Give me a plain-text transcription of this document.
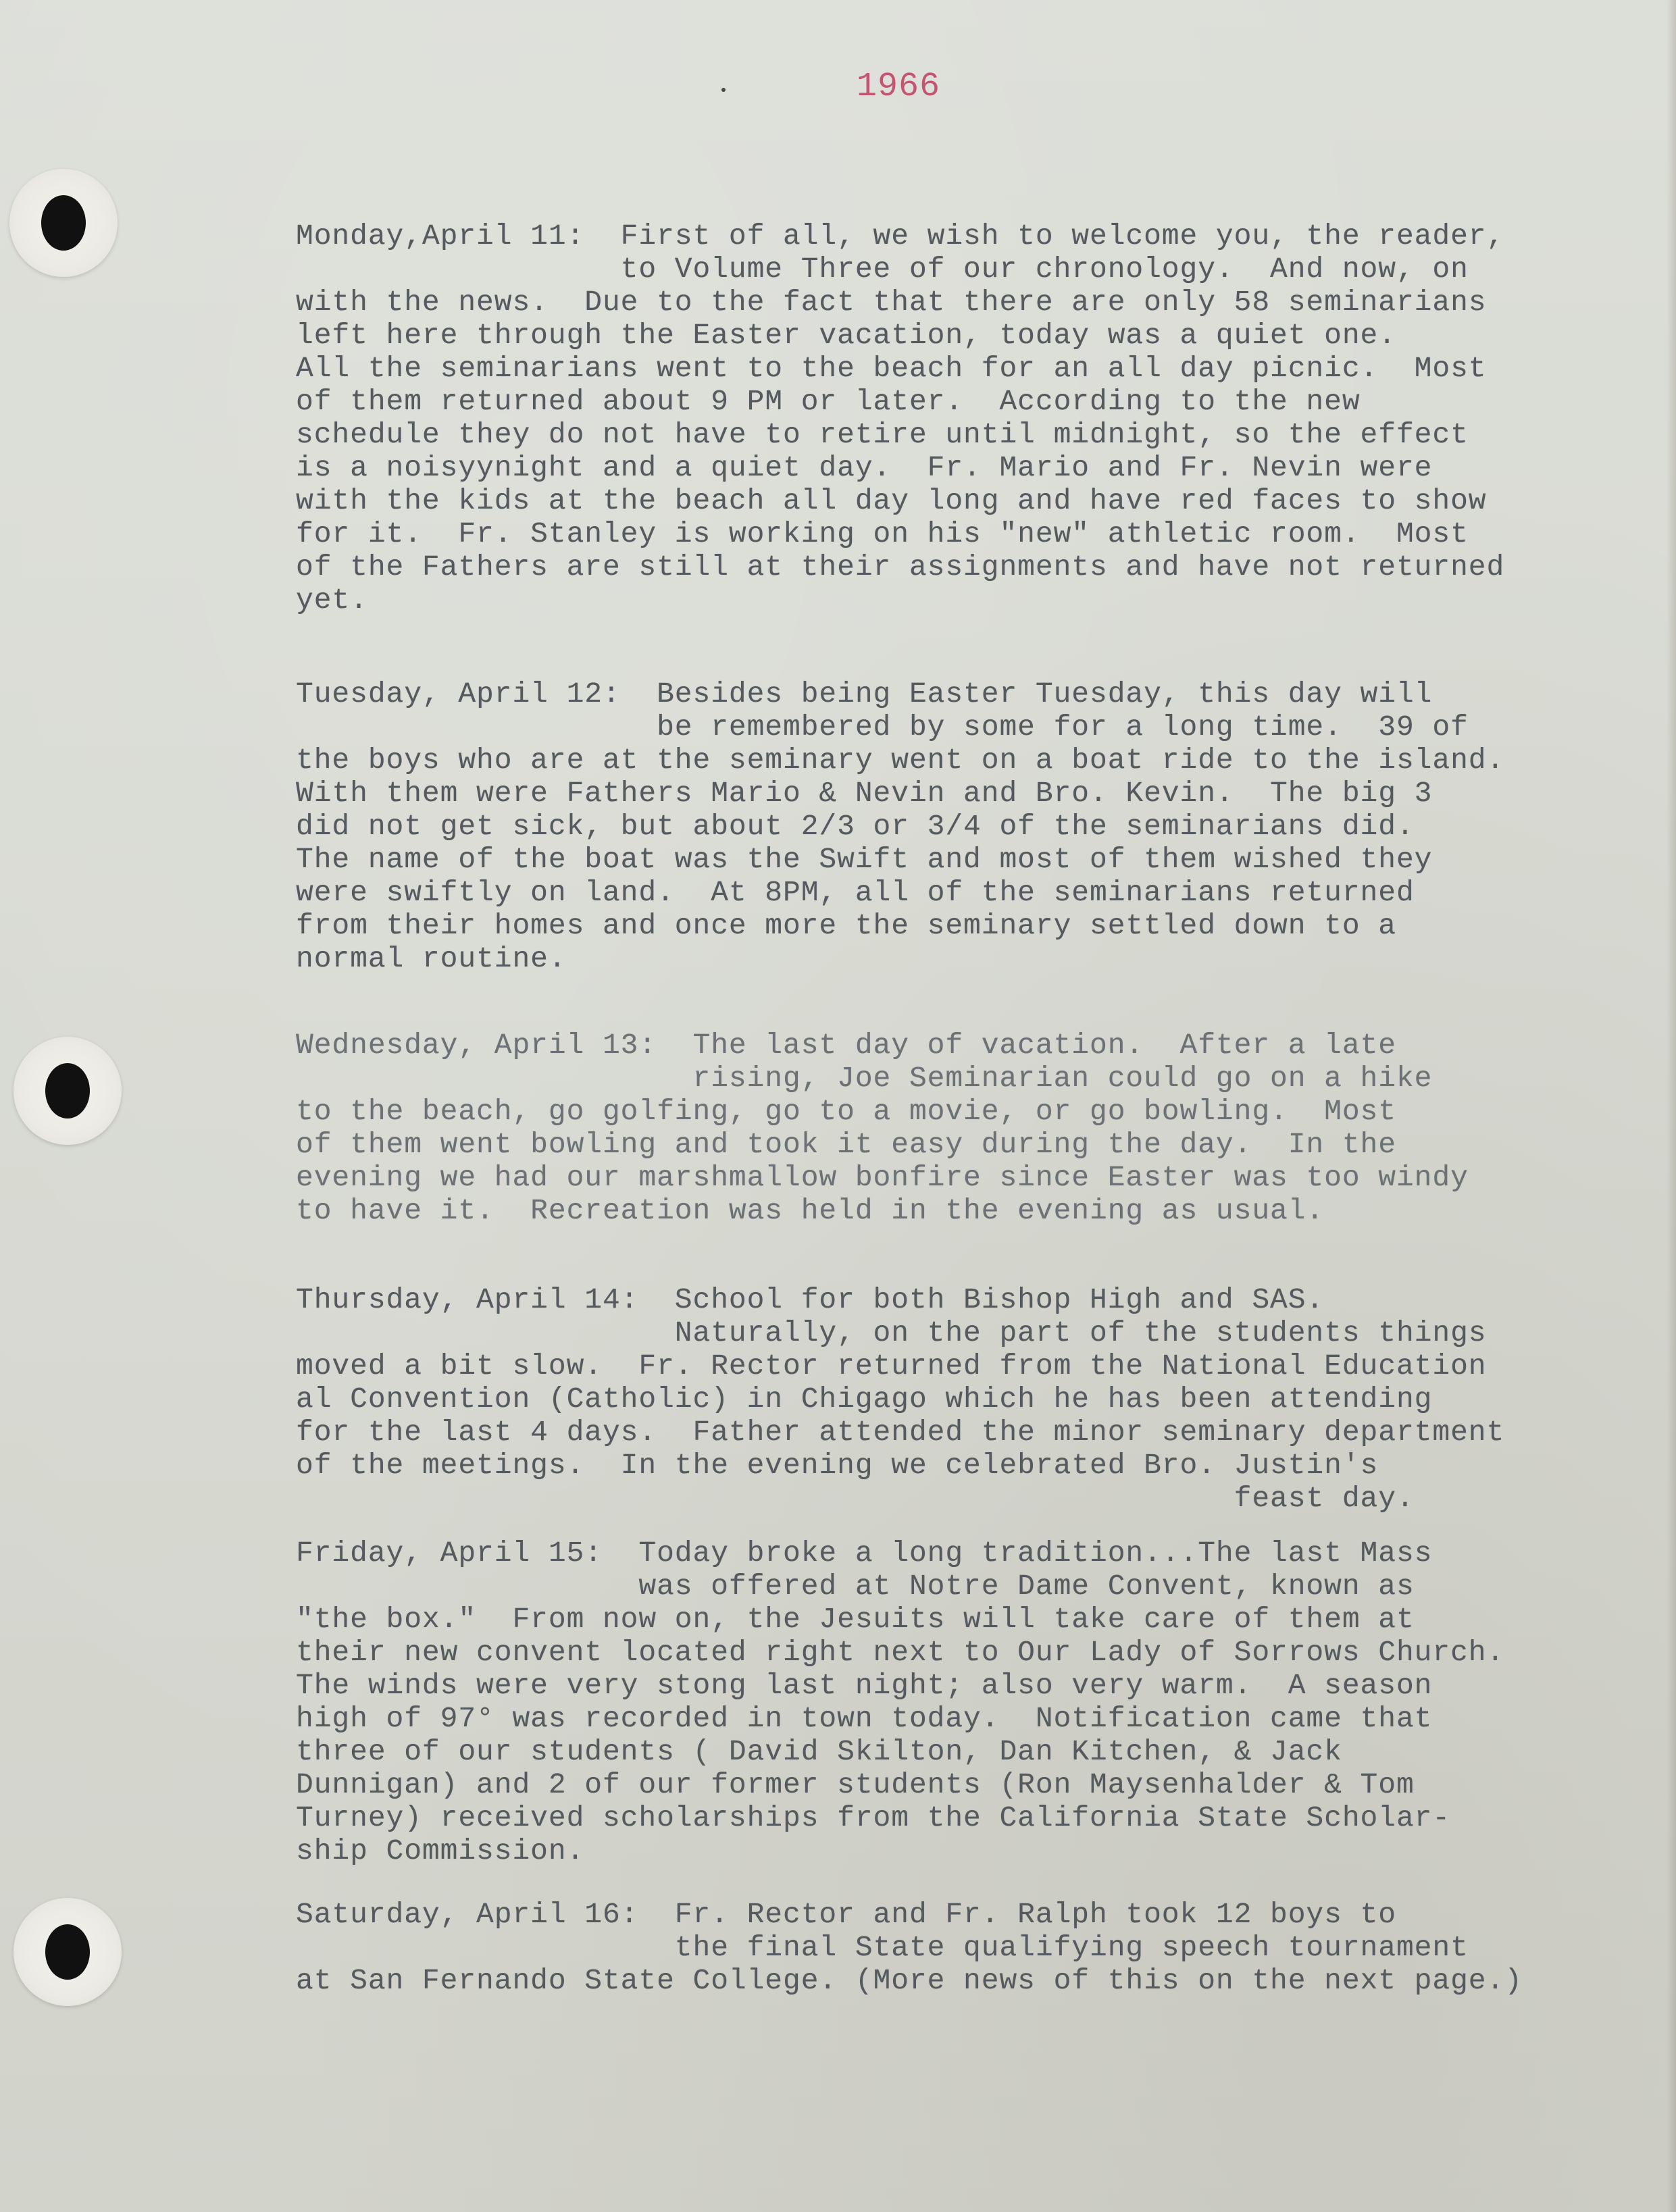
1966

Monday,April 11:  First of all, we wish to welcome you, the reader,
to Volume Three of our chronology.  And now, on
with the news.  Due to the fact that there are only 58 seminarians
left here through the Easter vacation, today was a quiet one.
All the seminarians went to the beach for an all day picnic.  Most
of them returned about 9 PM or later.  According to the new
schedule they do not have to retire until midnight, so the effect
is a noisyynight and a quiet day.  Fr. Mario and Fr. Nevin were
with the kids at the beach all day long and have red faces to show
for it.  Fr. Stanley is working on his "new" athletic room.  Most
of the Fathers are still at their assignments and have not returned
yet.

Tuesday, April 12:  Besides being Easter Tuesday, this day will
be remembered by some for a long time.  39 of
the boys who are at the seminary went on a boat ride to the island.
With them were Fathers Mario & Nevin and Bro. Kevin.  The big 3
did not get sick, but about 2/3 or 3/4 of the seminarians did.
The name of the boat was the Swift and most of them wished they
were swiftly on land.  At 8PM, all of the seminarians returned
from their homes and once more the seminary settled down to a
normal routine.

Wednesday, April 13:  The last day of vacation.  After a late
rising, Joe Seminarian could go on a hike
to the beach, go golfing, go to a movie, or go bowling.  Most
of them went bowling and took it easy during the day.  In the
evening we had our marshmallow bonfire since Easter was too windy
to have it.  Recreation was held in the evening as usual.

Thursday, April 14:  School for both Bishop High and SAS.
Naturally, on the part of the students things
moved a bit slow.  Fr. Rector returned from the National Education
al Convention (Catholic) in Chigago which he has been attending
for the last 4 days.  Father attended the minor seminary department
of the meetings.  In the evening we celebrated Bro. Justin's
feast day.

Friday, April 15:  Today broke a long tradition...The last Mass
was offered at Notre Dame Convent, known as
"the box."  From now on, the Jesuits will take care of them at
their new convent located right next to Our Lady of Sorrows Church.
The winds were very stong last night; also very warm.  A season
high of 97° was recorded in town today.  Notification came that
three of our students ( David Skilton, Dan Kitchen, & Jack
Dunnigan) and 2 of our former students (Ron Maysenhalder & Tom
Turney) received scholarships from the California State Scholar-
ship Commission.

Saturday, April 16:  Fr. Rector and Fr. Ralph took 12 boys to
the final State qualifying speech tournament
at San Fernando State College. (More news of this on the next page.)
